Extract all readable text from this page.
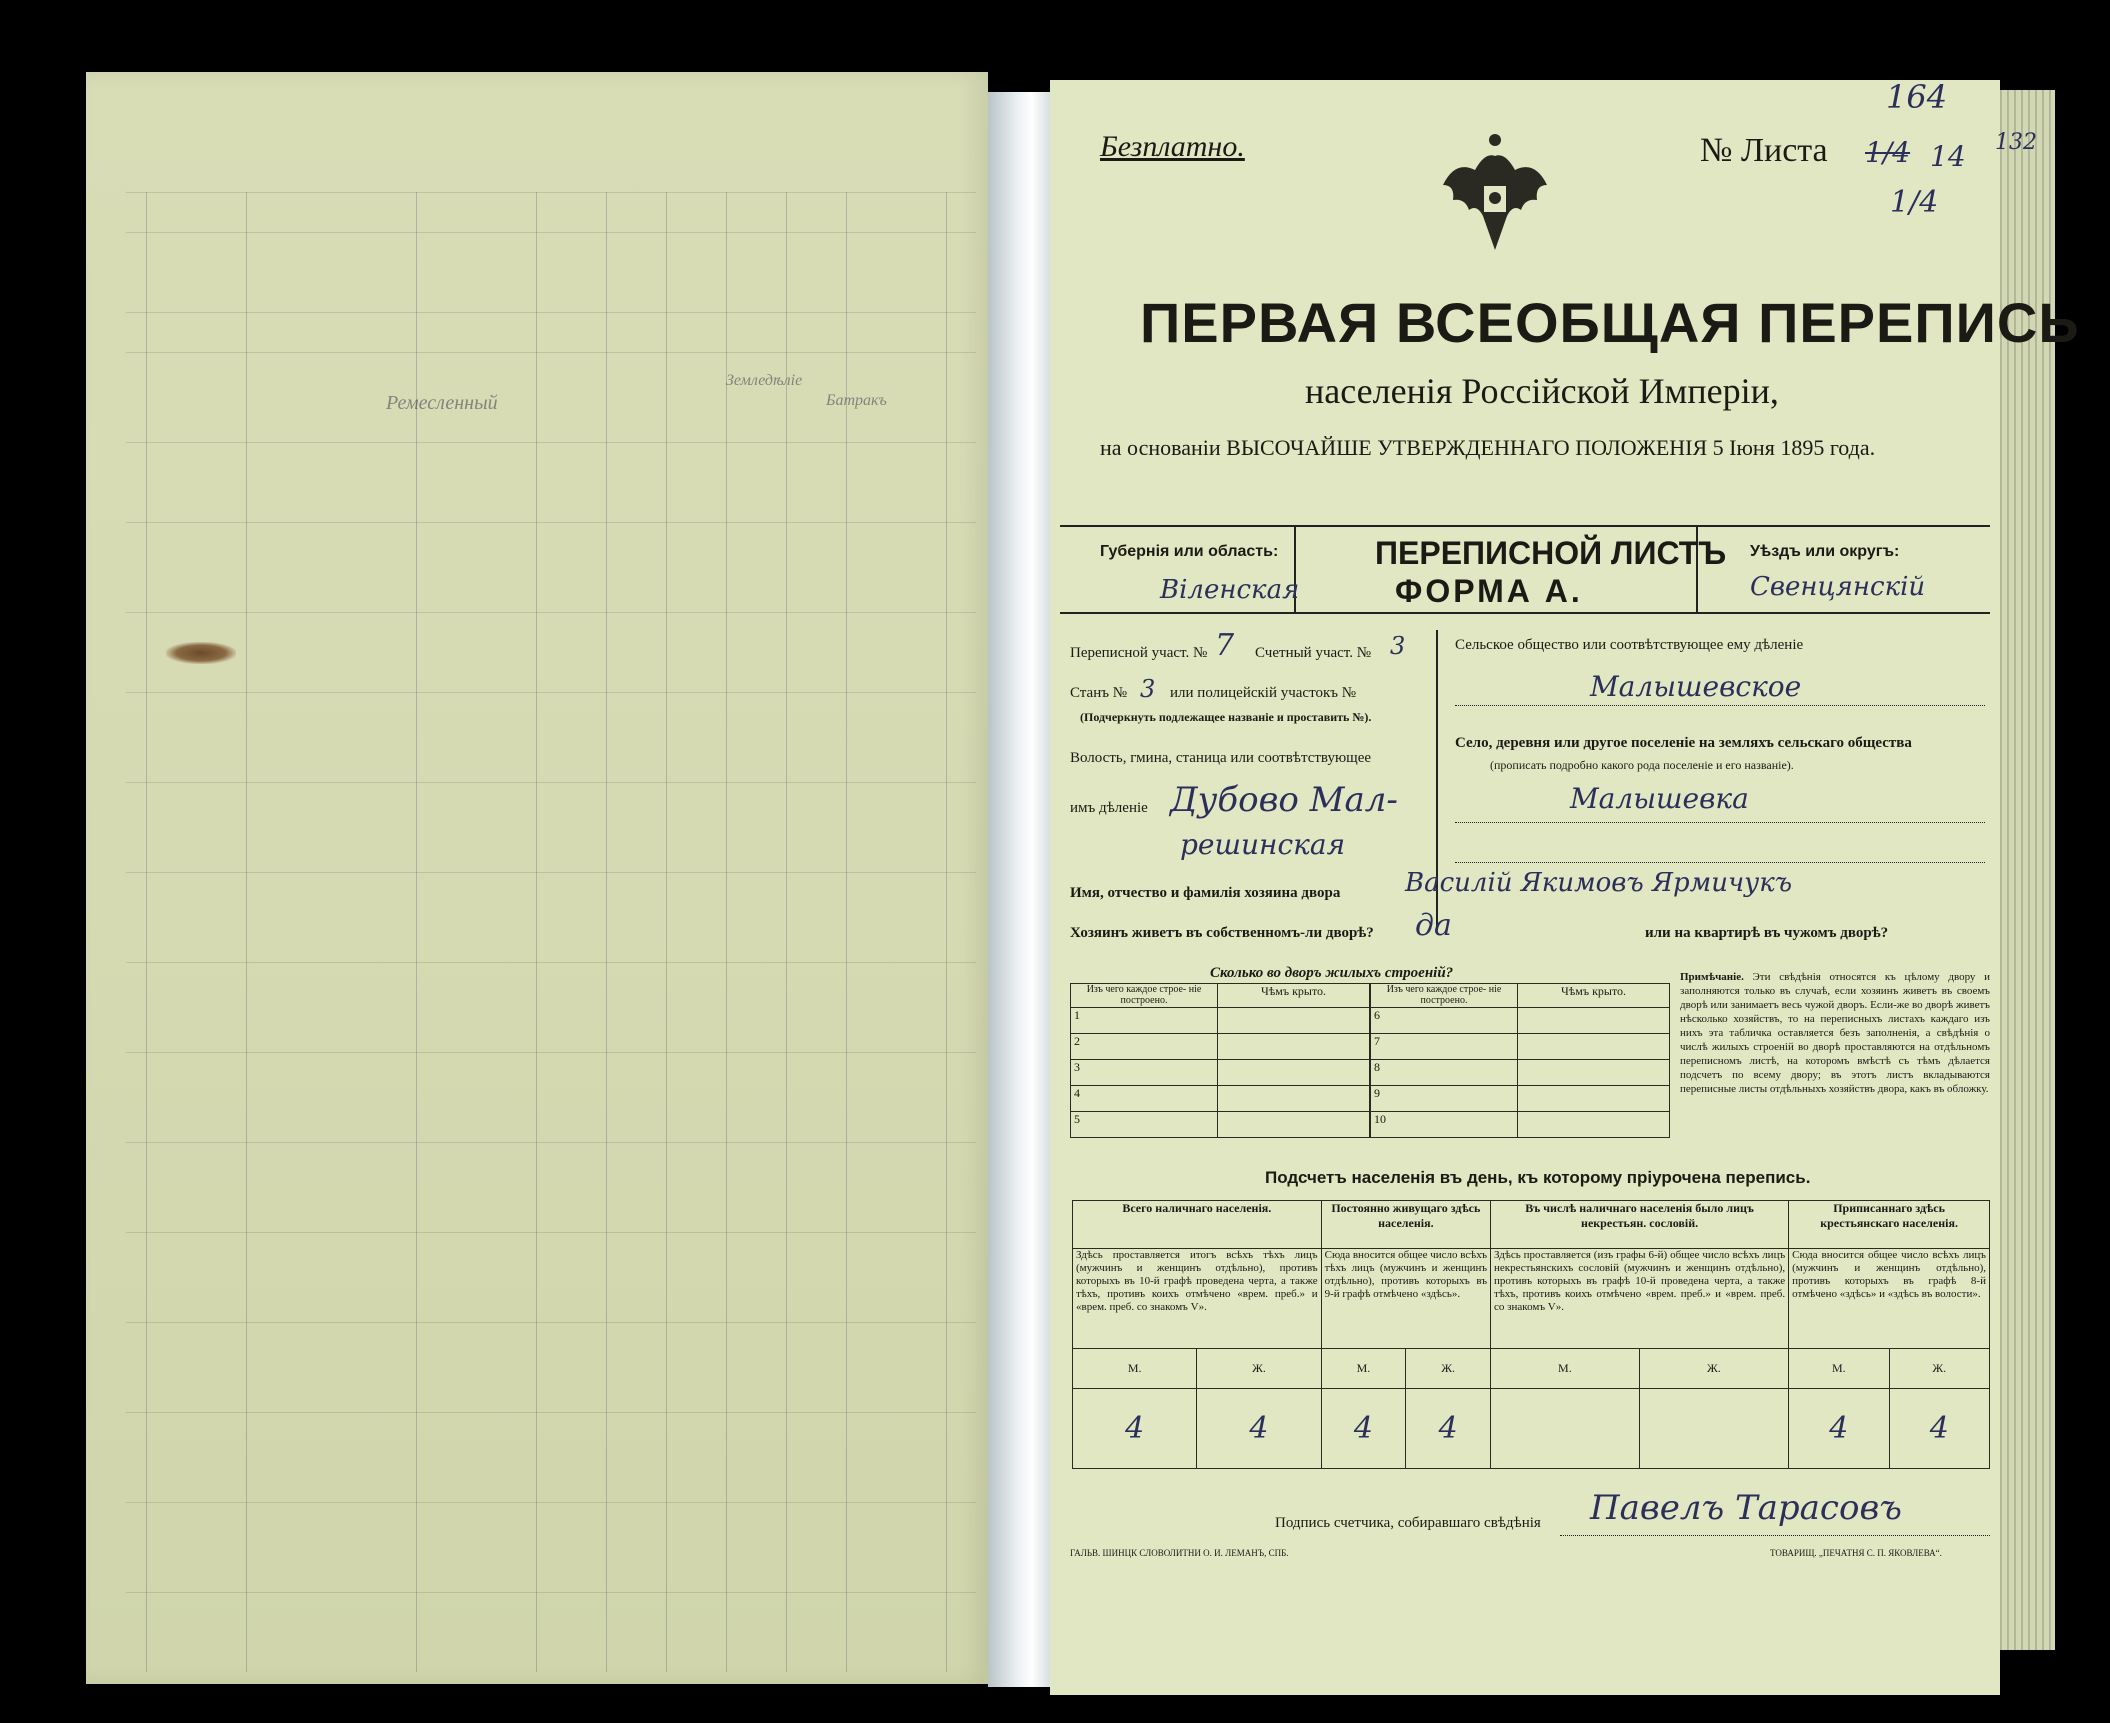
Ремесленный	Батракъ
Земледѣліе
Безплатно.	№ Листа 1/4 14
1/4
164
132
ПЕРВАЯ ВСЕОБЩАЯ ПЕРЕПИСЬ
населенія Россійской Имперіи,
на основаніи ВЫСОЧАЙШЕ УТВЕРЖДЕННАГО ПОЛОЖЕНІЯ 5 Іюня 1895 года.
Губернія или область:
Віленская
ПЕРЕПИСНОЙ ЛИСТЪ
ФОРМА А.
Уѣздъ или округъ:
Свенцянскій
Переписной участ. № 7 Счетный участ. № 3
Станъ № 3 или полицейскій участокъ №
(Подчеркнуть подлежащее названіе и проставить №).
Волость, гмина, станица или соотвѣтствующее
имъ дѣленіе Дубово Мал-
решинская
Сельское общество или соотвѣтствующее ему дѣленіе
Малышевское
Село, деревня или другое поселеніе на земляхъ сельскаго общества
(прописать подробно какого рода поселеніе и его названіе).
Малышевка
Имя, отчество и фамилія хозяина двора Василій Якимовъ Ярмичукъ
Хозяинъ живетъ въ собственномъ-ли дворѣ? да	или на квартирѣ въ чужомъ дворѣ?
Сколько во дворъ жилыхъ строеній?
Изъ чего каждое строе- ніе построено.	Чѣмъ крыто.
1	
2	
3	
4	
5	
Изъ чего каждое строе- ніе построено.	Чѣмъ крыто.
6	
7	
8	
9	
10	
Примѣчаніе. Эти свѣдѣнія относятся къ цѣлому двору и заполняются только въ случаѣ, если хозяинъ живетъ въ своемъ дворѣ или занимаетъ весь чужой дворъ. Если-же во дворѣ живетъ нѣсколько хозяйствъ, то на переписныхъ листахъ каждаго изъ нихъ эта табличка оставляется безъ заполненія, а свѣдѣнія о числѣ жилыхъ строеній во дворѣ проставляются на отдѣльномъ переписномъ листѣ, на которомъ вмѣстѣ съ тѣмъ дѣлается подсчетъ по всему двору; въ этотъ листъ вкладываются переписные листы отдѣльныхъ хозяйствъ двора, какъ въ обложку.
Подсчетъ населенія въ день, къ которому пріурочена перепись.
Всего наличнаго населенія.		Постоянно живущаго здѣсь населенія.		Въ числѣ наличнаго населенія было лицъ некрестьян. сословій.		Приписаннаго здѣсь крестьянскаго населенія.	
Здѣсь проставляется итогъ всѣхъ тѣхъ лицъ (мужчинъ и женщинъ отдѣльно), противъ которыхъ въ 10-й графѣ проведена черта, а также тѣхъ, противъ коихъ отмѣчено «врем. преб.» и «врем. преб. со знакомъ V».		Сюда вносится общее число всѣхъ тѣхъ лицъ (мужчинъ и женщинъ отдѣльно), противъ которыхъ въ 9-й графѣ отмѣчено «здѣсь».		Здѣсь проставляется (изъ графы 6-й) общее число всѣхъ лицъ некрестьянскихъ сословій (мужчинъ и женщинъ отдѣльно), противъ которыхъ въ графѣ 10-й проведена черта, а также тѣхъ, противъ коихъ отмѣчено «врем. преб.» и «врем. преб. со знакомъ V».		Сюда вносится общее число всѣхъ лицъ (мужчинъ и женщинъ отдѣльно), противъ которыхъ въ графѣ 8-й отмѣчено «здѣсь» и «здѣсь въ волости».	
М.	Ж.	М.	Ж.	М.	Ж.	М.	Ж.
4	4	4	4			4	4
Подпись счетчика, собиравшаго свѣдѣнія Павелъ Тарасовъ
ГАЛЬВ. ШИНЦК СЛОВОЛИТНИ О. И. ЛЕМАНЪ, СПБ.	ТОВАРИЩ. „ПЕЧАТНЯ С. П. ЯКОВЛЕВА“.
